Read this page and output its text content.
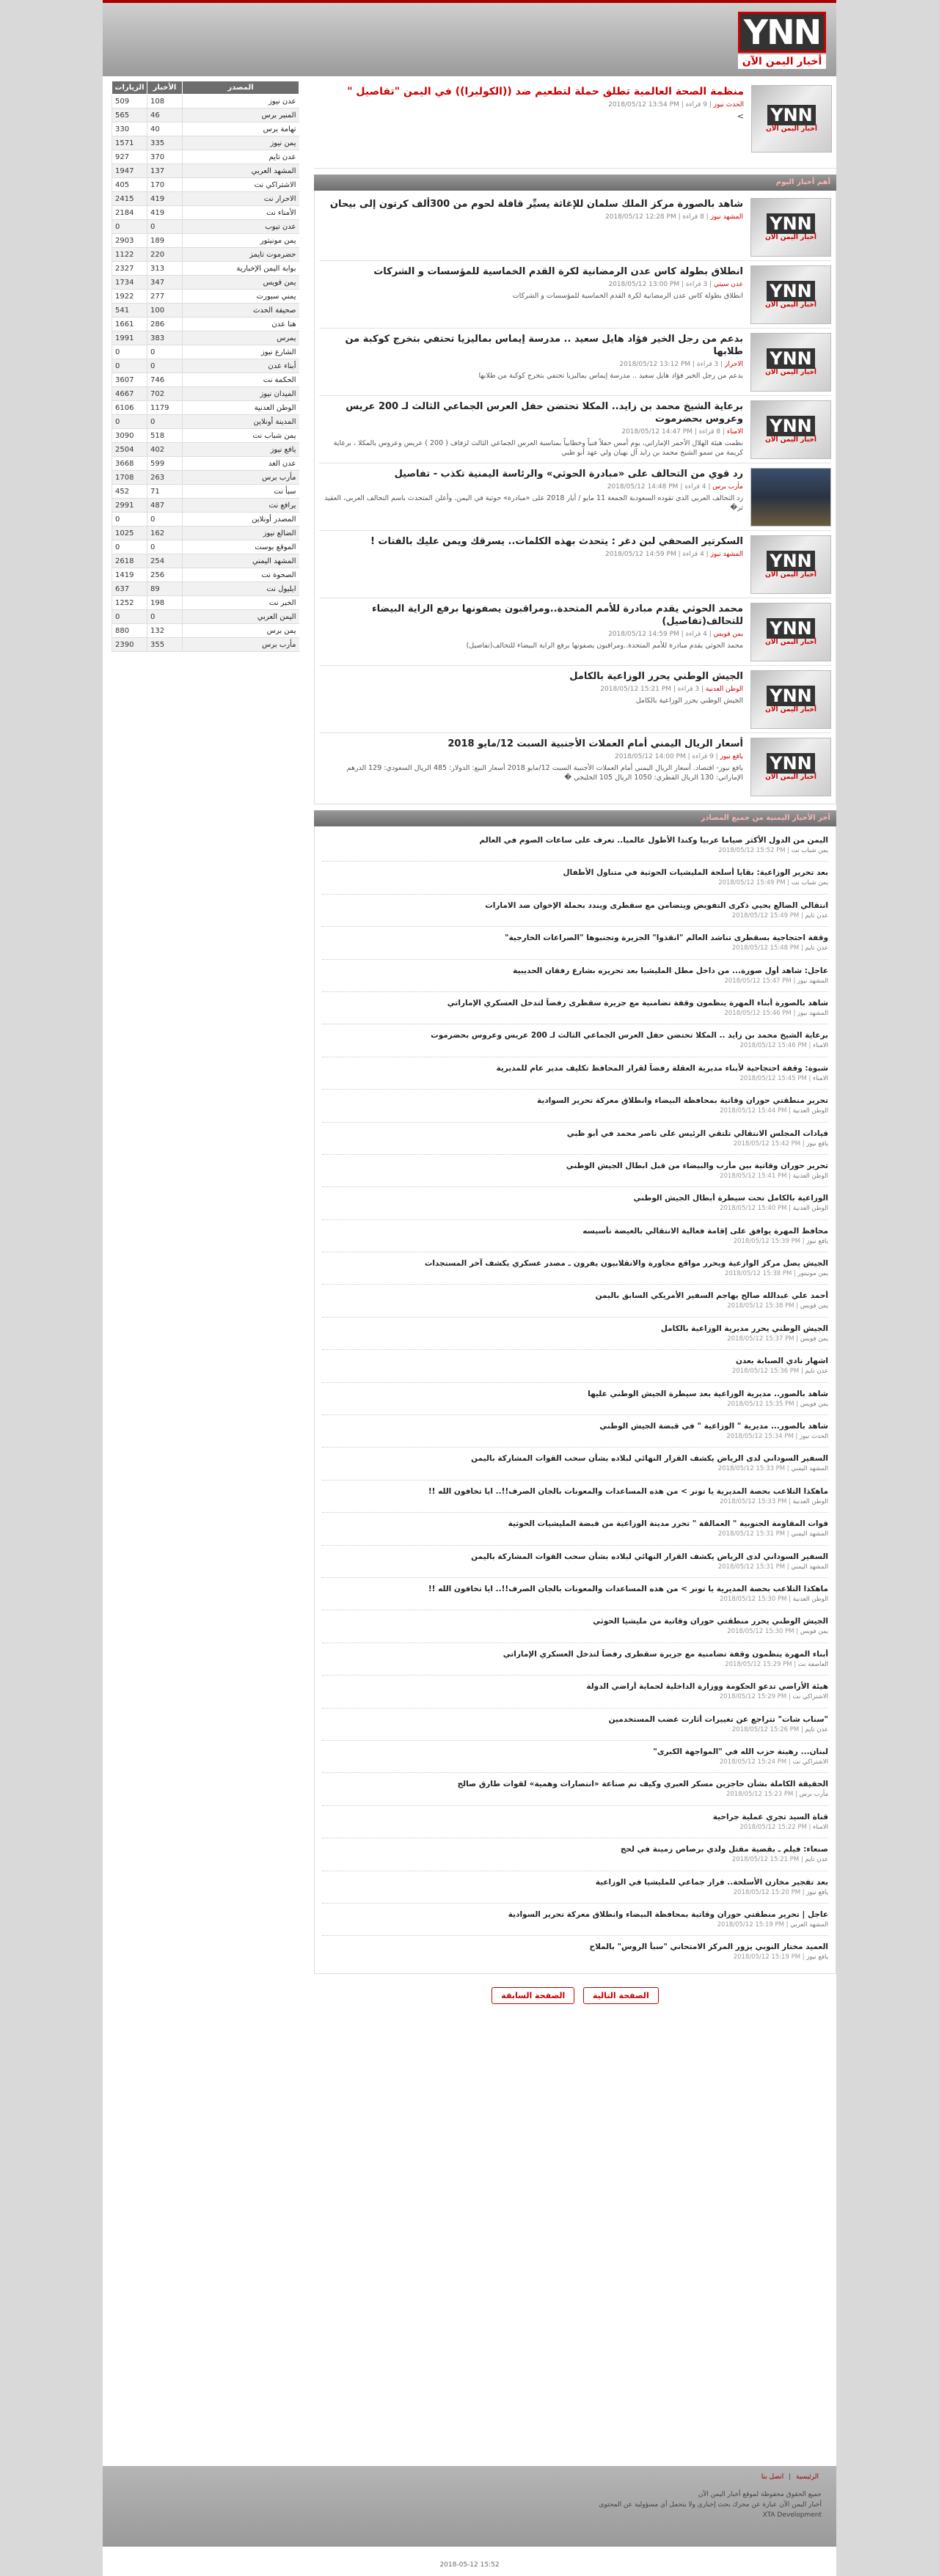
YNN
أخبار اليمن الآن
YNN
أخبار اليمن الآن
منظمة الصحة العالمية تطلق حملة لتطعيم ضد ((الكوليرا)) في اليمن "تفاصيل "
الحدث نيوز | 9 قراءة | 2018/05/12 13:54 PM

>

أهم أخبار اليوم
YNN
أخبار اليمن الآن
شاهد بالصورة مركز الملك سلمان للإغاثة يسيِّر قافلة لحوم من 300ألف كرتون إلى بيحان
المشهد نيوز | 8 قراءة | 2018/05/12 12:28 PM

YNN
أخبار اليمن الآن
انطلاق بطولة كاس عدن الرمضانية لكرة القدم الخماسية للمؤسسات و الشركات
عدن سيتي | 3 قراءة | 2018/05/12 13:00 PM

انطلاق بطولة كاس عدن الرمضانية لكرة القدم الخماسية للمؤسسات و الشركات

YNN
أخبار اليمن الآن
بدعم من رجل الخير فؤاد هايل سعيد .. مدرسة إيماس بماليزيا تحتفي بتخرج كوكبة من طلابها
الاحرار | 3 قراءة | 2018/05/12 13:12 PM

بدعم من رجل الخير فؤاد هايل سعيد .. مدرسة إيماس بماليزيا تحتفي بتخرج كوكبة من طلابها

YNN
أخبار اليمن الآن
برعاية الشيخ محمد بن زايد.. المكلا تحتضن حفل العرس الجماعي الثالث لـ 200 عريس وعروس بحضرموت
الامناء | 8 قراءة | 2018/05/12 14:47 PM

نظمت هيئة الهلال الأحمر الإماراتي، يوم أمس حفلاً فنياً وخطابياً بمناسبة العرس الجماعي الثالث لزفاف ( 200 ) عريس وعروس بالمكلا ، برعاية كريمة من سمو الشيخ محمد بن زايد آل نهيان ولي عهد أبو ظبي

رد قوي من التحالف على «مبادرة الحوثي» والرئاسة اليمنية تكذب - تفاصيل
مأرب برس | 4 قراءة | 2018/05/12 14:48 PM

رد التحالف العربي الذي تقوده السعودية الجمعة 11 مايو / أيار 2018 على «مبادرة» حوثية في اليمن. وأعلن المتحدث باسم التحالف العربي، العقيد تر�

YNN
أخبار اليمن الآن
السكرتير الصحفي لبن دغر : يتحدث بهذه الكلمات.. يسرقك ويمن عليك بالفتات !
المشهد نيوز | 4 قراءة | 2018/05/12 14:59 PM

YNN
أخبار اليمن الآن
محمد الحوثي يقدم مبادرة للأمم المتحدة..ومراقبون يصفونها برفع الراية البيضاء للتحالف(تفاصيل)
يمن فويس | 4 قراءة | 2018/05/12 14:59 PM

محمد الحوثي يقدم مبادرة للأمم المتحدة..ومراقبون يصفونها برفع الراية البيضاء للتحالف(تفاصيل)

YNN
أخبار اليمن الآن
الجيش الوطني يحرر الوزاعية بالكامل
الوطن العدنية | 3 قراءة | 2018/05/12 15:21 PM

الجيش الوطني يحرر الوزاعية بالكامل

YNN
أخبار اليمن الآن
أسعار الريال اليمني أمام العملات الأجنبية السبت 12/مايو 2018
يافع نيوز | 9 قراءة | 2018/05/12 14:00 PM

يافع نيوز- اقتصاد. أسعار الريال اليمني أمام العملات الأجنبية السبت 12/مايو 2018 أسعار البيع: الدولار: 485 الريال السعودي: 129 الدرهم الإماراتي: 130 الريال القطري: 1050 الريال 105 الخليجي �

آخر الأخبار اليمنية من جميع المصادر
اليمن من الدول الأكثر صياما عربيا وكندا الأطول عالميا.. تعرف على ساعات الصوم في العالم
يمن شباب نت | 2018/05/12 15:52 PM
بعد تحرير الوزاعية: بقايا أسلحة المليشيات الحوثية في متناول الأطفال
يمن شباب نت | 2018/05/12 15:49 PM
انتقالي الضالع يحيي ذكرى التفويض ويتضامن مع سقطرى ويندد بحملة الإخوان ضد الامارات
عدن تايم | 2018/05/12 15:49 PM
وقفة احتجاجية بسقطرى تناشد العالم "انقذوا" الجزيرة وتجنبوها "الصراعات الخارجية"
عدن تايم | 2018/05/12 15:48 PM
عاجل: شاهد أول صورة... من داخل مطل المليشيا بعد تحريره بشارع رفقان الحديبية
المشهد نيوز | 2018/05/12 15:47 PM
شاهد بالصورة أبناء المهرة ينظمون وقفة تضامنية مع جزيرة سقطرى رفضاً لتدخل العسكري الإماراتي
المشهد نيوز | 2018/05/12 15:46 PM
برعاية الشيخ محمد بن زايد .. المكلا تحتضن حفل العرس الجماعي الثالث لـ 200 عريس وعروس بحضرموت
الامناء | 2018/05/12 15:46 PM
شبوة: وقفة احتجاجية لأبناء مديرية العقلة رفضاً لقرار المحافظ تكليف مدير عام للمديرية
الامناء | 2018/05/12 15:45 PM
تحرير منطقتي حوران وقاتية بمحافظة البيضاء وانطلاق معركة تحرير السوادية
الوطن العدنية | 2018/05/12 15:44 PM
قيادات المجلس الانتقالي تلتقي الرئيس على ناصر محمد في أبو ظبي
يافع نيوز | 2018/05/12 15:42 PM
تحرير حوران وقاتية بين مأرب والبيضاء من قبل ابطال الجيش الوطني
الوطن العدنية | 2018/05/12 15:41 PM
الوزاعية بالكامل تحت سيطرة أبطال الجيش الوطني
الوطن العدنية | 2018/05/12 15:40 PM
محافظ المهرة يوافق على إقامة فعالية الانتقالي بالغيضة تأسيسه
يافع نيوز | 2018/05/12 15:39 PM
الجيش يصل مركز الوازعية ويحرر مواقع مجاورة والانقلابيون يفرون ـ مصدر عسكري يكشف آخر المستجدات
يمن مونيتور | 2018/05/12 15:38 PM
أحمد علي عبدالله صالح يهاجم السفير الأمريكي السابق باليمن
يمن فويس | 2018/05/12 15:38 PM
الجيش الوطني يحرر مديرية الوزاعية بالكامل
يمن فويس | 2018/05/12 15:37 PM
اشهار نادي الصبابة بعدن
عدن تايم | 2018/05/12 15:36 PM
شاهد بالصور.. مديرية الوزاعية بعد سيطرة الجيش الوطني عليها
يمن فويس | 2018/05/12 15:35 PM
شاهد بالصور... مديرية " الوزاعية " في قبضة الجيش الوطني
الحدث نيوز | 2018/05/12 15:34 PM
السفير السوداني لدى الرياض يكشف القرار النهائي لبلاده بشأن سحب القوات المشاركة باليمن
المشهد اليمني | 2018/05/12 15:33 PM
ماهكذا التلاعب بحصة المديرية يا تونر > من هذه المساعدات والمعونات بالجان الصرف!!.. ايا تخافون الله !!
الوطن العدنية | 2018/05/12 15:33 PM
قوات المقاومة الجنوبية " العمالقة " تحرر مدينة الوزاعية من قبضة المليشيات الحوثية
المشهد اليمني | 2018/05/12 15:31 PM
السفير السوداني لدى الرياض يكشف القرار النهائي لبلاده بشأن سحب القوات المشاركة باليمن
المشهد اليمني | 2018/05/12 15:31 PM
ماهكذا التلاعب بحصة المديرية يا تونر > من هذه المساعدات والمعونات بالجان الصرف!!.. ايا تخافون الله !!
الوطن العدنية | 2018/05/12 15:30 PM
الجيش الوطني يحرر منطقتي حوران وقاتية من مليشيا الحوثي
يمن فويس | 2018/05/12 15:30 PM
أبناء المهرة ينظمون وقفة تضامنية مع جزيرة سقطرى رفضاً لتدخل العسكري الإماراتي
العاصفة نت | 2018/05/12 15:29 PM
هيئة الأراضي تدعو الحكومة ووزارة الداخلية لحماية أراضي الدولة
الاشتراكي نت | 2018/05/12 15:29 PM
"سناب شات" تتراجع عن تغييرات أثارت غضب المستخدمين
عدن تايم | 2018/05/12 15:26 PM
لبنان... رهينة حزب الله في "المواجهة الكبرى"
الاشتراكي نت | 2018/05/12 15:24 PM
الحقيقة الكاملة بشأن حاجزين مسكر العبري وكيف تم صناعة «انتصارات وهمية» لقوات طارق صالح
مأرب برس | 2018/05/12 15:23 PM
قناة السيد تجري عملية جراحية
الامناء | 2018/05/12 15:22 PM
صنعاء: فيلم ـ بقضية مقتل ولدي برصاص زمينة في لحج
عدن تايم | 2018/05/12 15:21 PM
بعد تفجير مخازن الأسلحة.. فرار جماعي للمليشيا في الوزاعية
يافع نيوز | 2018/05/12 15:20 PM
عاجل | تحرير منطقتي حوران وقاتية بمحافظة البيضاء وانطلاق معركة تحرير السوادية
المشهد العربي | 2018/05/12 15:19 PM
العميد مختار النوبي يزور المركز الامتحاني "سبأ الروس" بالملاح
يافع نيوز | 2018/05/12 15:19 PM
الصفحة التالية الصفحة السابقة
المصدر	الأخبار	الزيارات
عدن نيوز	108	509
المنبر برس	46	565
تهامة برس	40	330
يمن نيوز	335	1571
عدن تايم	370	927
المشهد العربي	137	1947
الاشتراكي نت	170	405
الاحرار نت	419	2415
الأمناء نت	419	2184
عدن تيوب	0	0
يمن مونيتور	189	2903
حضرموت تايمز	220	1122
بوابة اليمن الإخبارية	313	2327
يمن فويس	347	1734
يمني سبورت	277	1922
صحيفة الحدث	100	541
هنا عدن	286	1661
يمرس	383	1991
الشارع نيوز	0	0
أبناء عدن	0	0
الحكمة نت	746	3607
الميدان نيوز	702	4667
الوطن العدنية	1179	6106
المدينة أونلاين	0	0
يمن شباب نت	518	3090
يافع نيوز	402	2504
عدن الغد	599	3668
مأرب برس	263	1708
سبأ نت	71	452
يرافع نت	487	2991
المصدر أونلاين	0	0
الضالع نيوز	162	1025
الموقع بوست	0	0
المشهد اليمني	254	2618
الصحوة نت	256	1419
ايليول نت	89	637
الخبر نت	198	1252
اليمن العربي	0	0
يمن برس	132	880
مأرب برس	355	2390
الرئيسية | اتصل بنا
جميع الحقوق محفوظة لموقع أخبار اليمن الآن
أخبار اليمن الآن عبارة عن محرك بحث إخباري ولا يتحمل أي مسؤولية عن المحتوى
XTA Development
2018-05-12 15:52
